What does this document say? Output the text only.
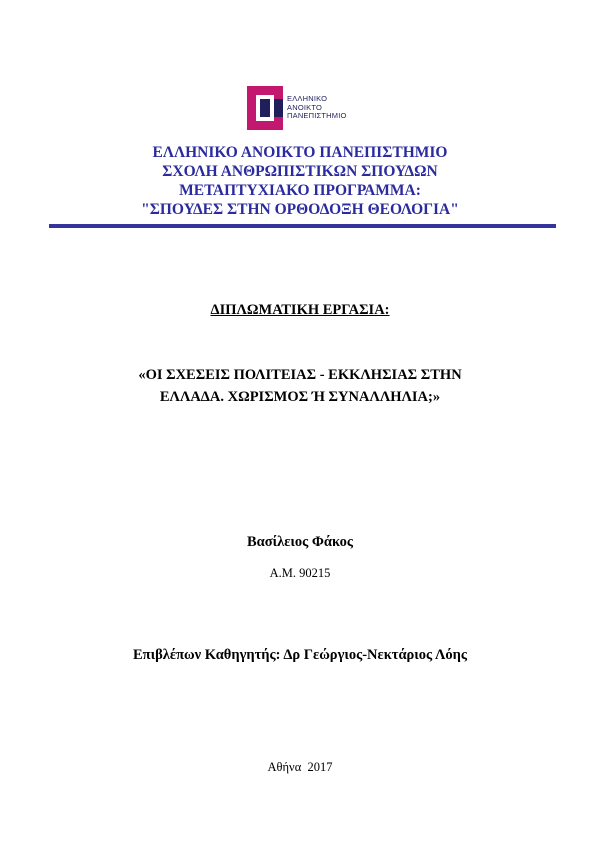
ΕΛΛΗΝΙΚΟ
ΑΝΟΙΚΤΟ
ΠΑΝΕΠΙΣΤΗΜΙΟ
ΕΛΛΗΝΙΚΟ ΑΝΟΙΚΤΟ ΠΑΝΕΠΙΣΤΗΜΙΟ
ΣΧΟΛΗ ΑΝΘΡΩΠΙΣΤΙΚΩΝ ΣΠΟΥΔΩΝ
ΜΕΤΑΠΤΥΧΙΑΚΟ ΠΡΟΓΡΑΜΜΑ:
"ΣΠΟΥΔΕΣ ΣΤΗΝ ΟΡΘΟΔΟΞΗ ΘΕΟΛΟΓΙΑ"
ΔΙΠΛΩΜΑΤΙΚΗ ΕΡΓΑΣΙΑ:
«ΟΙ ΣΧΕΣΕΙΣ ΠΟΛΙΤΕΙΑΣ - ΕΚΚΛΗΣΙΑΣ ΣΤΗΝ
ΕΛΛΑΔΑ. ΧΩΡΙΣΜΟΣ Ή ΣΥΝΑΛΛΗΛΙΑ;»
Βασίλειος Φάκος
Α.Μ. 90215
Επιβλέπων Καθηγητής: Δρ Γεώργιος-Νεκτάριος Λόης
Αθήνα  2017
